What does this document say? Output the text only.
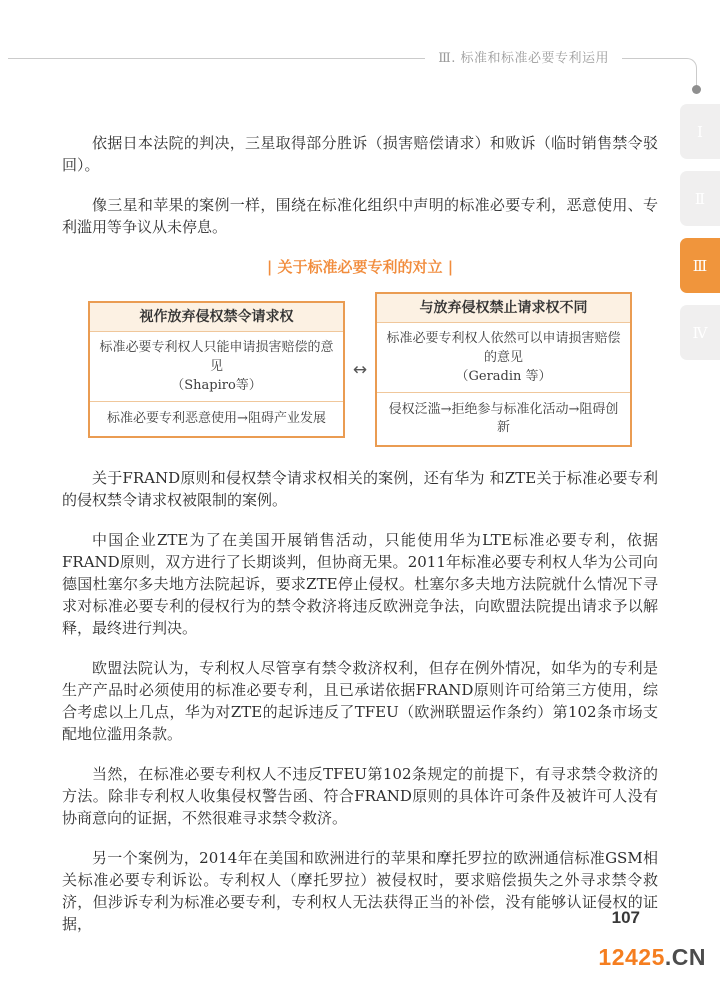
Ⅲ. 标准和标准必要专利运用
Ⅰ
Ⅱ
Ⅲ
Ⅳ

依据日本法院的判决，三星取得部分胜诉（损害赔偿请求）和败诉（临时销售禁令驳回）。

像三星和苹果的案例一样，围绕在标准化组织中声明的标准必要专利，恶意使用、专利滥用等争议从未停息。

| 关于标准必要专利的对立 |
视作放弃侵权禁令请求权
标准必要专利权人只能申请损害赔偿的意见
（Shapiro等）
标准必要专利恶意使用→阻碍产业发展
↔
与放弃侵权禁止请求权不同
标准必要专利权人依然可以申请损害赔偿的意见
（Geradin 等）
侵权泛滥→拒绝参与标准化活动→阻碍创新

关于FRAND原则和侵权禁令请求权相关的案例，还有华为 和ZTE关于标准必要专利的侵权禁令请求权被限制的案例。

中国企业ZTE为了在美国开展销售活动，只能使用华为LTE标准必要专利，依据FRAND原则，双方进行了长期谈判，但协商无果。2011年标准必要专利权人华为公司向德国杜塞尔多夫地方法院起诉，要求ZTE停止侵权。杜塞尔多夫地方法院就什么情况下寻求对标准必要专利的侵权行为的禁令救济将违反欧洲竞争法，向欧盟法院提出请求予以解释，最终进行判决。

欧盟法院认为，专利权人尽管享有禁令救济权利，但存在例外情况，如华为的专利是生产产品时必须使用的标准必要专利，且已承诺依据FRAND原则许可给第三方使用，综合考虑以上几点，华为对ZTE的起诉违反了TFEU（欧洲联盟运作条约）第102条市场支配地位滥用条款。

当然，在标准必要专利权人不违反TFEU第102条规定的前提下，有寻求禁令救济的方法。除非专利权人收集侵权警告函、符合FRAND原则的具体许可条件及被许可人没有协商意向的证据，不然很难寻求禁令救济。

另一个案例为，2014年在美国和欧洲进行的苹果和摩托罗拉的欧洲通信标准GSM相关标准必要专利诉讼。专利权人（摩托罗拉）被侵权时，要求赔偿损失之外寻求禁令救济，但涉诉专利为标准必要专利，专利权人无法获得正当的补偿，没有能够认证侵权的证据，	107
12425.CN
